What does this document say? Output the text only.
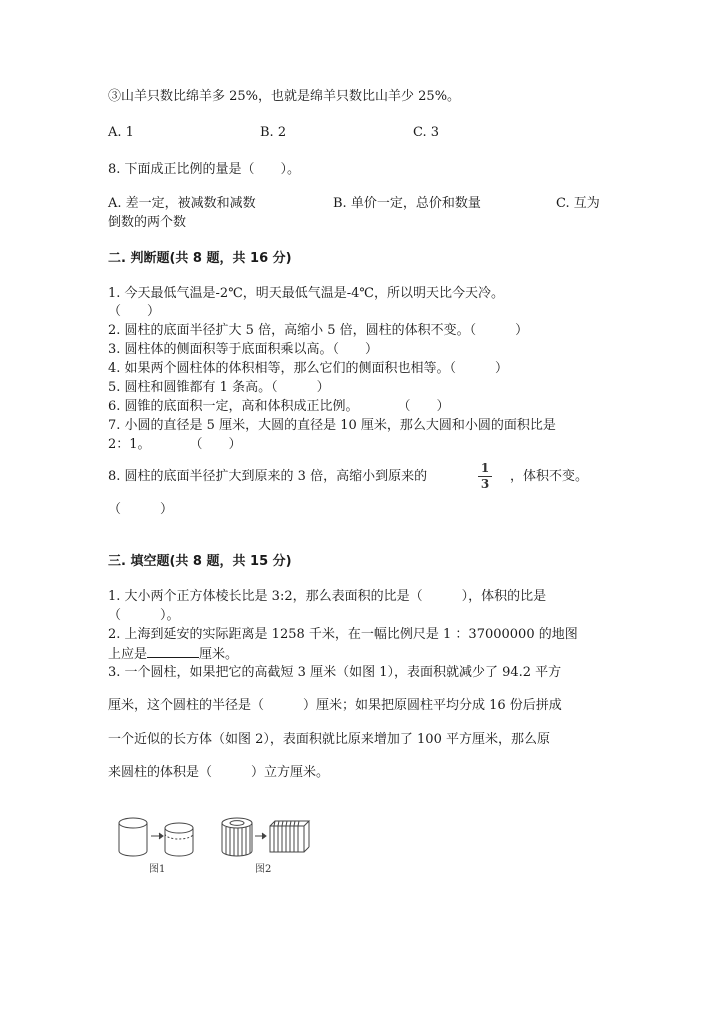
③山羊只数比绵羊多 25%，也就是绵羊只数比山羊少 25%。
A. 1	B. 2	C. 3
8. 下面成正比例的量是（　　）。
A. 差一定，被减数和减数	B. 单价一定，总价和数量	C. 互为
倒数的两个数
二. 判断题(共 8 题，共 16 分)
1. 今天最低气温是-2℃，明天最低气温是-4℃，所以明天比今天冷。
（　　）
2. 圆柱的底面半径扩大 5 倍，高缩小 5 倍，圆柱的体积不变。（　　　）
3. 圆柱体的侧面积等于底面积乘以高。（　　）
4. 如果两个圆柱体的体积相等，那么它们的侧面积也相等。（　　　）
5. 圆柱和圆锥都有 1 条高。（　　　）
6. 圆锥的底面积一定，高和体积成正比例。　　　　（　　）
7. 小圆的直径是 5 厘米，大圆的直径是 10 厘米，那么大圆和小圆的面积比是
2：1。　　　　（　　）
8. 圆柱的底面半径扩大到原来的 3 倍，高缩小到原来的
1
3 ，体积不变。
（　　　）
三. 填空题(共 8 题，共 15 分)
1. 大小两个正方体棱长比是 3:2，那么表面积的比是（　　　），体积的比是
（　　　）。
2. 上海到延安的实际距离是 1258 千米，在一幅比例尺是 1 ：37000000 的地图
上应是	厘米。
3. 一个圆柱，如果把它的高截短 3 厘米（如图 1），表面积就减少了 94.2 平方
厘米，这个圆柱的半径是（　　　）厘米；如果把原圆柱平均分成 16 份后拼成
一个近似的长方体（如图 2），表面积就比原来增加了 100 平方厘米，那么原
来圆柱的体积是（　　　）立方厘米。
图1	图2
